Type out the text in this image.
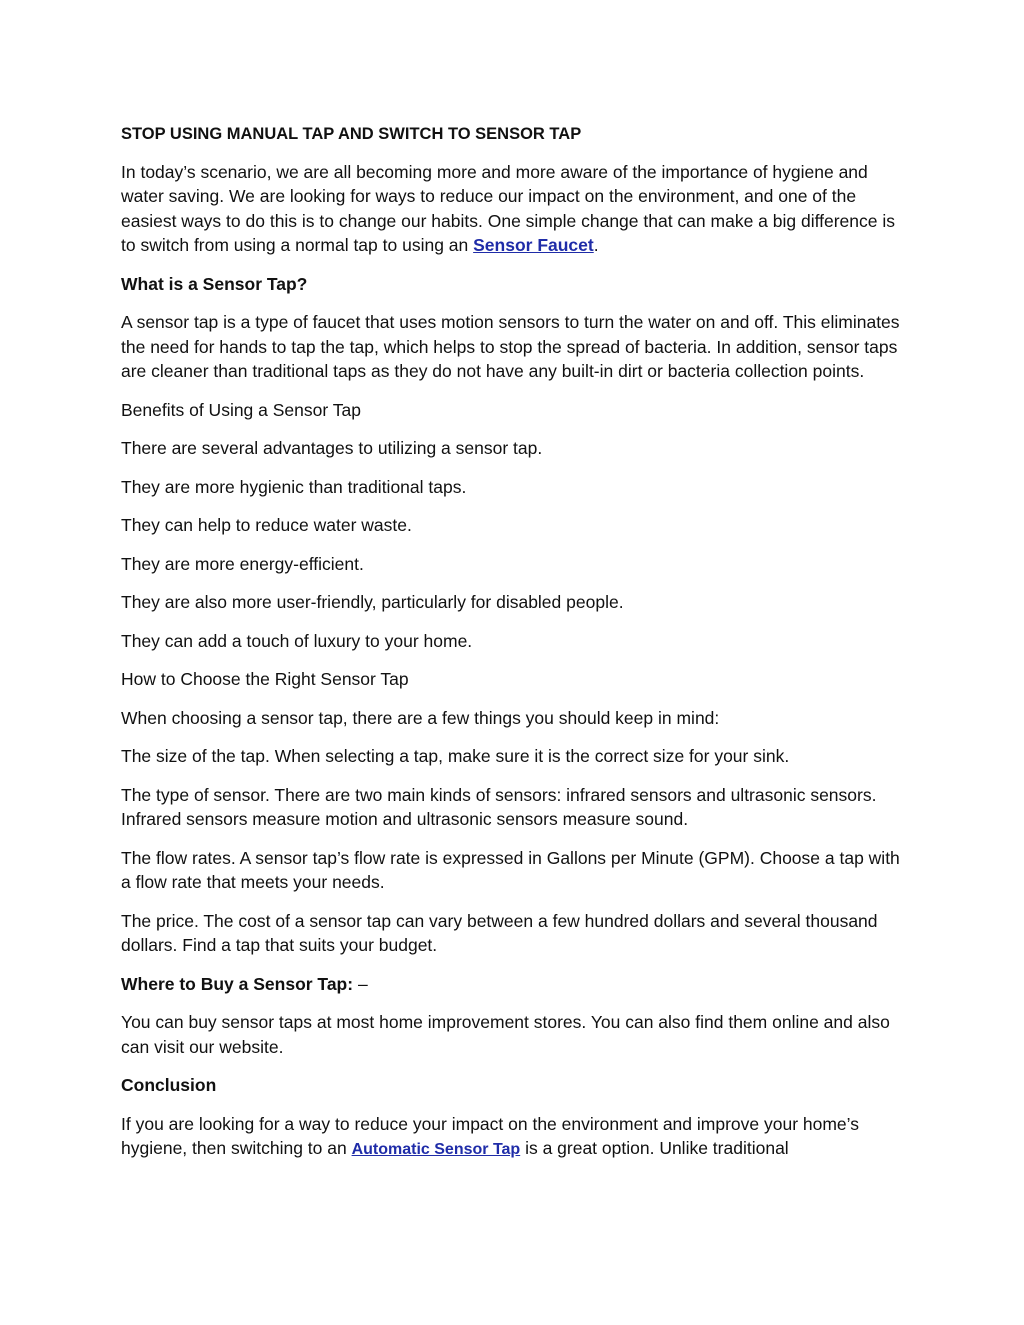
STOP USING MANUAL TAP AND SWITCH TO SENSOR TAP

In today’s scenario, we are all becoming more and more aware of the importance of hygiene and water saving. We are looking for ways to reduce our impact on the environment, and one of the easiest ways to do this is to change our habits. One simple change that can make a big difference is to switch from using a normal tap to using an Sensor Faucet.

What is a Sensor Tap?

A sensor tap is a type of faucet that uses motion sensors to turn the water on and off. This eliminates the need for hands to tap the tap, which helps to stop the spread of bacteria. In addition, sensor taps are cleaner than traditional taps as they do not have any built-in dirt or bacteria collection points.

Benefits of Using a Sensor Tap

There are several advantages to utilizing a sensor tap.

They are more hygienic than traditional taps.

They can help to reduce water waste.

They are more energy-efficient.

They are also more user-friendly, particularly for disabled people.

They can add a touch of luxury to your home.

How to Choose the Right Sensor Tap

When choosing a sensor tap, there are a few things you should keep in mind:

The size of the tap. When selecting a tap, make sure it is the correct size for your sink.

The type of sensor. There are two main kinds of sensors: infrared sensors and ultrasonic sensors. Infrared sensors measure motion and ultrasonic sensors measure sound.

The flow rates. A sensor tap’s flow rate is expressed in Gallons per Minute (GPM). Choose a tap with a flow rate that meets your needs.

The price. The cost of a sensor tap can vary between a few hundred dollars and several thousand dollars. Find a tap that suits your budget.

Where to Buy a Sensor Tap: –

You can buy sensor taps at most home improvement stores. You can also find them online and also can visit our website.

Conclusion

If you are looking for a way to reduce your impact on the environment and improve your home’s hygiene, then switching to an Automatic Sensor Tap is a great option. Unlike traditional
